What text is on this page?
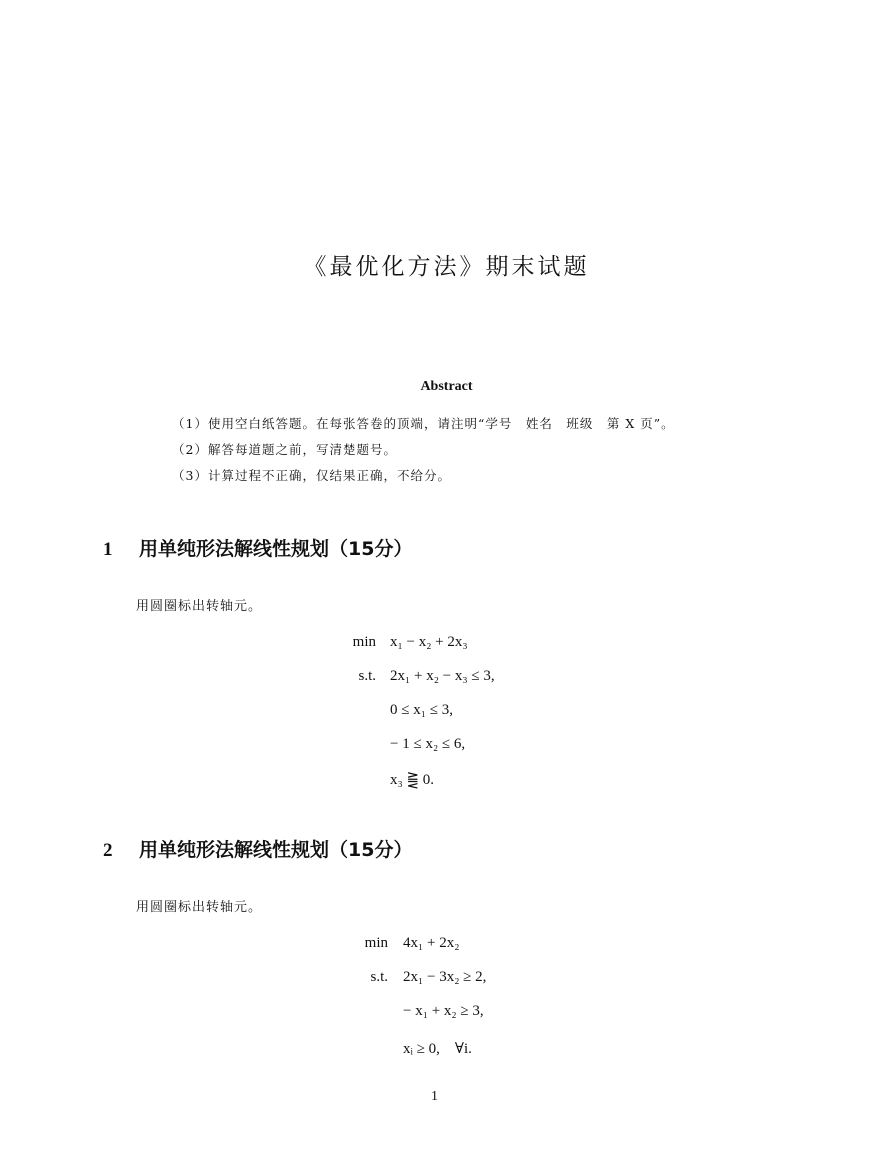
《最优化方法》期末试题
Abstract
（1）使用空白纸答题。在每张答卷的顶端，请注明“学号　姓名　班级　第 X 页”。
（2）解答每道题之前，写清楚题号。
（3）计算过程不正确，仅结果正确，不给分。
1 用单纯形法解线性规划（15分）
用圆圈标出转轴元。
min x₁ − x₂ + 2x₃
s.t. 2x₁ + x₂ − x₃ ≤ 3,
0 ≤ x₁ ≤ 3,
− 1 ≤ x₂ ≤ 6,
x₃ ⪌ 0.
2 用单纯形法解线性规划（15分）
用圆圈标出转轴元。
min 4x₁ + 2x₂
s.t. 2x₁ − 3x₂ ≥ 2,
− x₁ + x₂ ≥ 3,
xᵢ ≥ 0,　∀i.
1
